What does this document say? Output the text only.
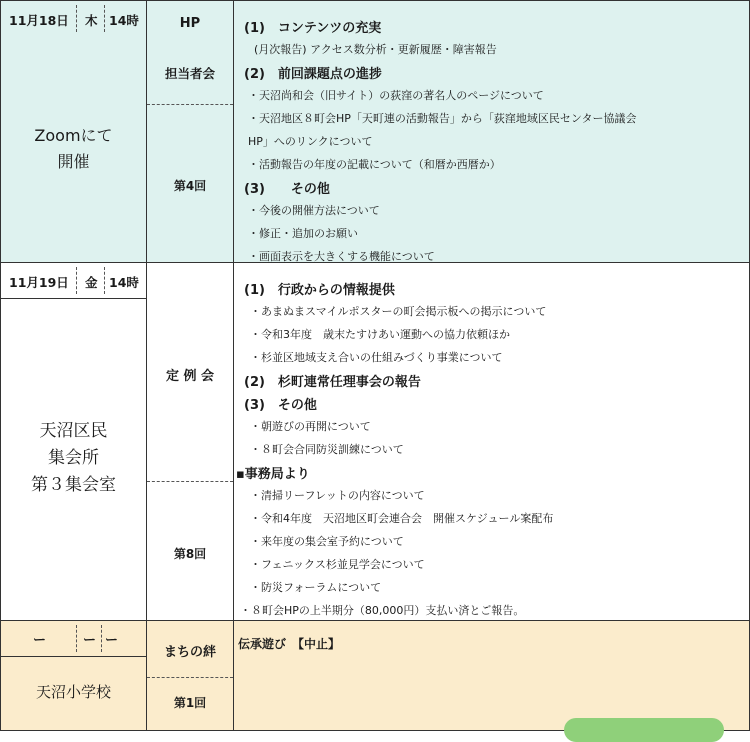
11月18日 木 14時
Zoomにて
開催
HP
担当者会
第4回
(1)　コンテンツの充実
(月次報告) アクセス数分析・更新履歴・障害報告
(2)　前回課題点の進捗
・天沼尚和会（旧サイト）の荻窪の著名人のページについて
・天沼地区８町会HP「天町連の活動報告」から「荻窪地域区民センター協議会
HP」へのリンクについて
・活動報告の年度の記載について（和暦か西暦か）
(3)　　その他
・今後の開催方法について
・修正・追加のお願い
・画面表示を大きくする機能について
11月19日 金 14時
天沼区民
集会所
第３集会室
定 例 会
第8回
(1)　行政からの情報提供
・あまぬまスマイルポスターの町会掲示板への掲示について
・令和3年度　歳末たすけあい運動への協力依頼ほか
・杉並区地域支え合いの仕組みづくり事業について
(2)　杉町連常任理事会の報告
(3)　その他
・朝遊びの再開について
・８町会合同防災訓練について
▪事務局より
・清掃リーフレットの内容について
・令和4年度　天沼地区町会連合会　開催スケジュール案配布
・来年度の集会室予約について
・フェニックス杉並見学会について
・防災フォーラムについて
・８町会HPの上半期分（80,000円）支払い済とご報告。
ー	ー ー
天沼小学校
まちの絆
第1回
伝承遊び　【中止】
